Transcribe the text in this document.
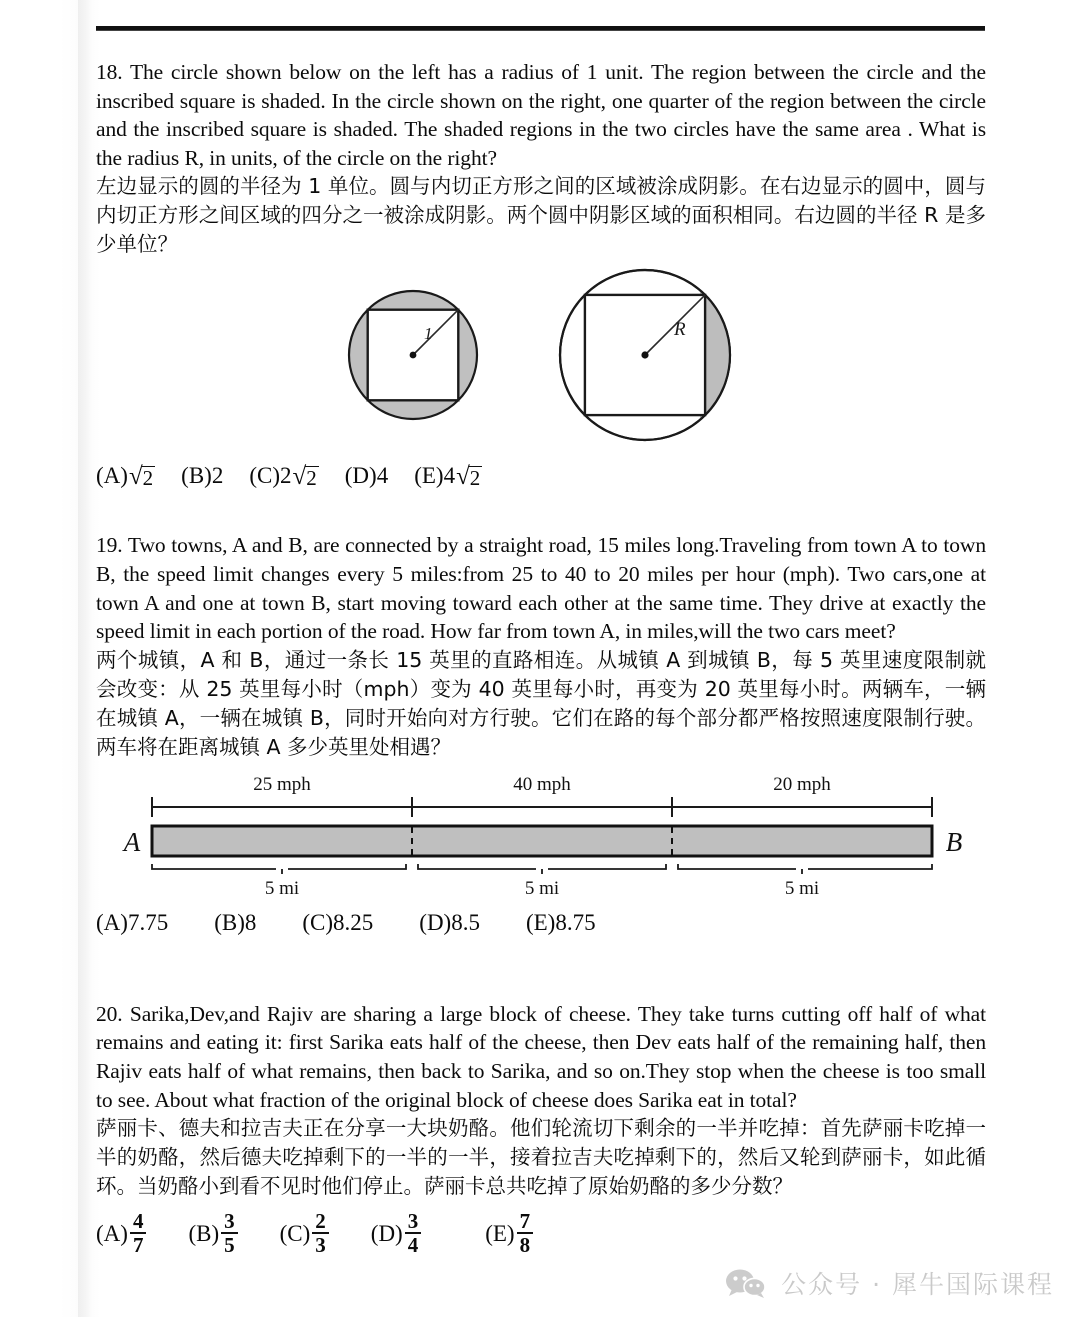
18. The circle shown below on the left has a radius of 1 unit. The region between the circle and the inscribed square is shaded. In the circle shown on the right, one quarter of the region between the circle and the inscribed square is shaded. The shaded regions in the two circles have the same area . What is the radius R, in units, of the circle on the right?

左边显示的圆的半径为 1 单位。圆与内切正方形之间的区域被涂成阴影。在右边显示的圆中，圆与内切正方形之间区域的四分之一被涂成阴影。两个圆中阴影区域的面积相同。右边圆的半径 R 是多少单位？

1	R
(A) √ 2 (B) 2 (C) 2 √ 2 (D) 4 (E) 4 √ 2

19. Two towns, A and B, are connected by a straight road, 15 miles long.Traveling from town A to town B, the speed limit changes every 5 miles:from 25 to 40 to 20 miles per hour (mph). Two cars,one at town A and one at town B, start moving toward each other at the same time. They drive at exactly the speed limit in each portion of the road. How far from town A, in miles,will the two cars meet?

两个城镇，A 和 B，通过一条长 15 英里的直路相连。从城镇 A 到城镇 B，每 5 英里速度限制就会改变：从 25 英里每小时（mph）变为 40 英里每小时，再变为 20 英里每小时。两辆车，一辆在城镇 A，一辆在城镇 B，同时开始向对方行驶。它们在路的每个部分都严格按照速度限制行驶。两车将在距离城镇 A 多少英里处相遇？

25 mph	40 mph	20 mph
A	B
5 mi	5 mi	5 mi
(A) 7.75 (B) 8 (C) 8.25 (D) 8.5 (E) 8.75

20. Sarika,Dev,and Rajiv are sharing a large block of cheese. They take turns cutting off half of what remains and eating it: first Sarika eats half of the cheese, then Dev eats half of the remaining half, then Rajiv eats half of what remains, then back to Sarika, and so on.They stop when the cheese is too small to see. About what fraction of the original block of cheese does Sarika eat in total?

萨丽卡、德夫和拉吉夫正在分享一大块奶酪。他们轮流切下剩余的一半并吃掉：首先萨丽卡吃掉一半的奶酪，然后德夫吃掉剩下的一半的一半，接着拉吉夫吃掉剩下的，然后又轮到萨丽卡，如此循环。当奶酪小到看不见时他们停止。萨丽卡总共吃掉了原始奶酪的多少分数？

$(A) \frac{4}{7} (B) \frac{3}{5} (C) \frac{2}{3} (D) \frac{3}{4}$	$(E) \frac{7}{8}$
公众号 · 犀牛国际课程
